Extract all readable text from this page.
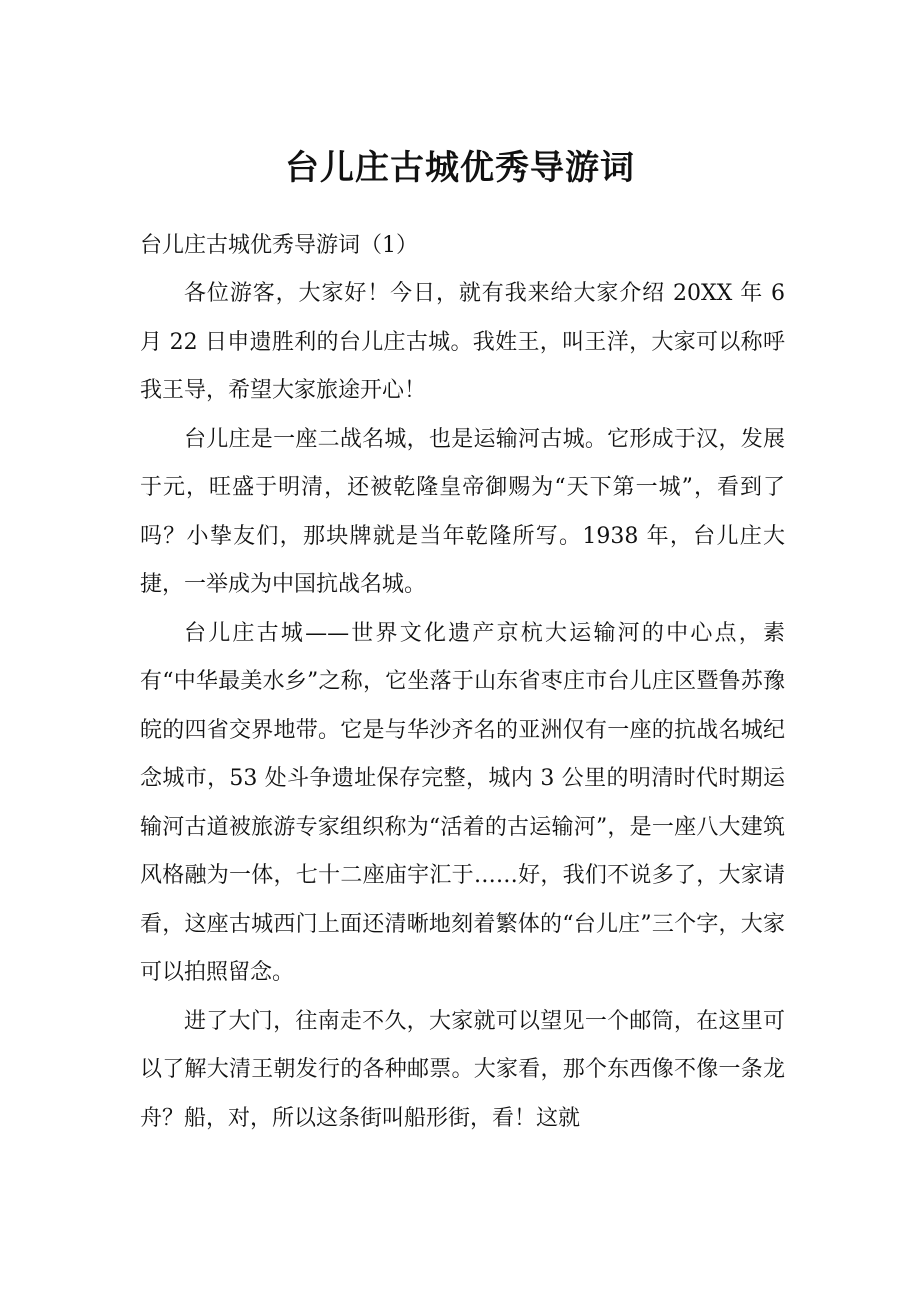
台儿庄古城优秀导游词
台儿庄古城优秀导游词（1）

各位游客，大家好！今日，就有我来给大家介绍 20XX 年 6 月 22 日申遗胜利的台儿庄古城。我姓王，叫王洋，大家可以称呼我王导，希望大家旅途开心！

台儿庄是一座二战名城，也是运输河古城。它形成于汉，发展于元，旺盛于明清，还被乾隆皇帝御赐为“天下第一城”，看到了吗？小挚友们，那块牌就是当年乾隆所写。1938 年，台儿庄大捷，一举成为中国抗战名城。

台儿庄古城——世界文化遗产京杭大运输河的中心点，素有“中华最美水乡”之称，它坐落于山东省枣庄市台儿庄区暨鲁苏豫皖的四省交界地带。它是与华沙齐名的亚洲仅有一座的抗战名城纪念城市，53 处斗争遗址保存完整，城内 3 公里的明清时代时期运输河古道被旅游专家组织称为“活着的古运输河”，是一座八大建筑风格融为一体，七十二座庙宇汇于……好，我们不说多了，大家请看，这座古城西门上面还清晰地刻着繁体的“台儿庄”三个字，大家可以拍照留念。

进了大门，往南走不久，大家就可以望见一个邮筒，在这里可以了解大清王朝发行的各种邮票。大家看，那个东西像不像一条龙舟？船，对，所以这条街叫船形街，看！这就
